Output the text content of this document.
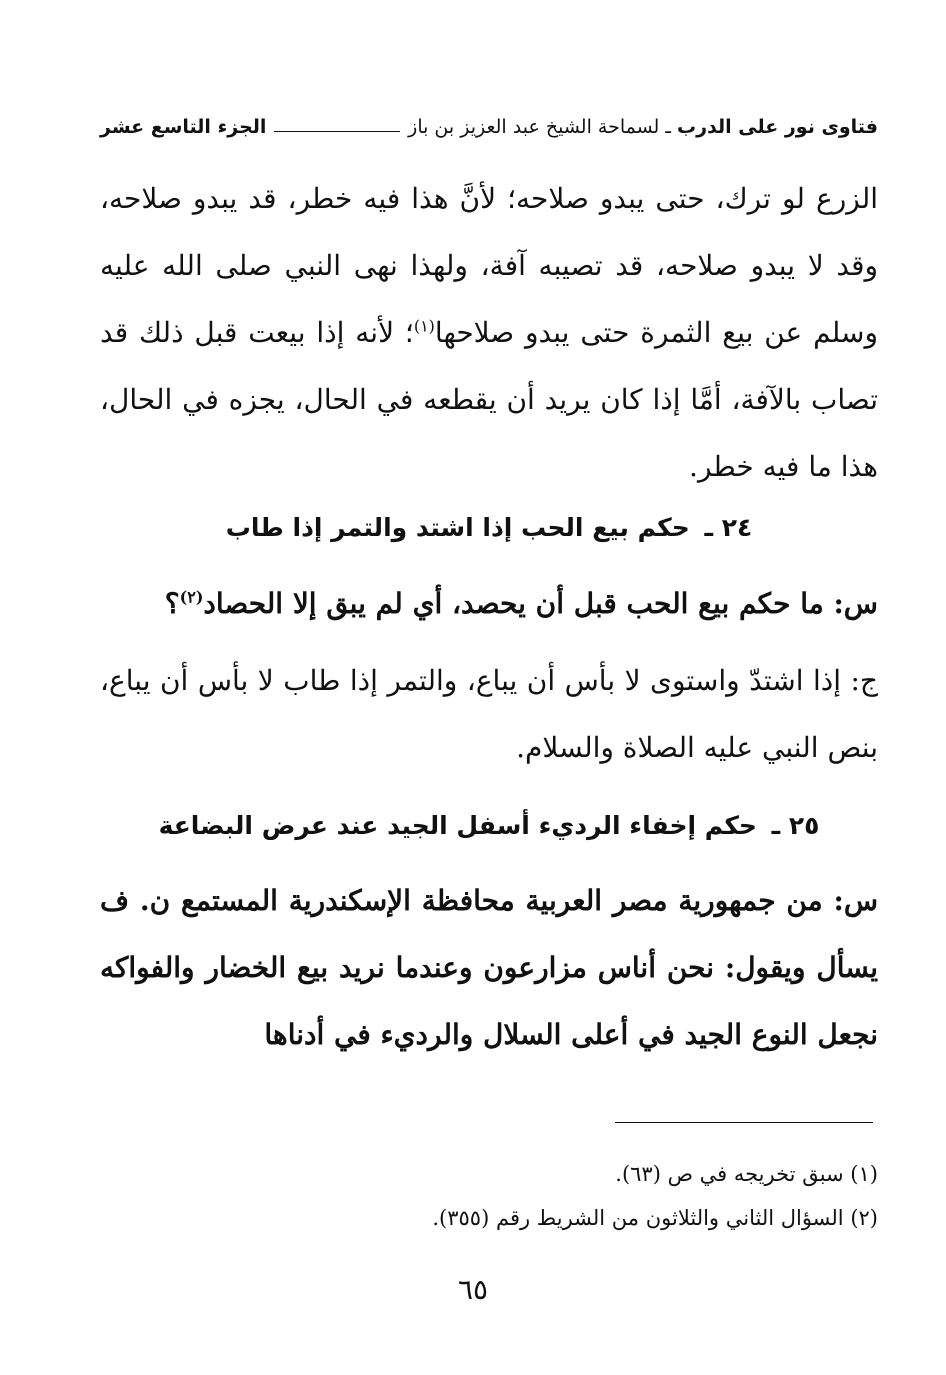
فتاوى نور على الدرب ـ لسماحة الشيخ عبد العزيز بن باز
الجزء التاسع عشر

الزرع لو ترك، حتى يبدو صلاحه؛ لأنَّ هذا فيه خطر، قد يبدو صلاحه، وقد لا يبدو صلاحه، قد تصيبه آفة، ولهذا نهى النبي صلى الله عليه وسلم عن بيع الثمرة حتى يبدو صلاحها$^{(١)}$؛ لأنه إذا بيعت قبل ذلك قد تصاب بالآفة، أمَّا إذا كان يريد أن يقطعه في الحال، يجزه في الحال، هذا ما فيه خطر.

٢٤ ـ حكم بيع الحب إذا اشتد والتمر إذا طاب

س: ما حكم بيع الحب قبل أن يحصد، أي لم يبق إلا الحصاد$^{(٢)}$؟

ج: إذا اشتدّ واستوى لا بأس أن يباع، والتمر إذا طاب لا بأس أن يباع، بنص النبي عليه الصلاة والسلام.

٢٥ ـ حكم إخفاء الرديء أسفل الجيد عند عرض البضاعة

س: من جمهورية مصر العربية محافظة الإسكندرية المستمع ن. ف يسأل ويقول: نحن أناس مزارعون وعندما نريد بيع الخضار والفواكه نجعل النوع الجيد في أعلى السلال والرديء في أدناها

(١) سبق تخريجه في ص (٦٣).

(٢) السؤال الثاني والثلاثون من الشريط رقم (٣٥٥).

٦٥
